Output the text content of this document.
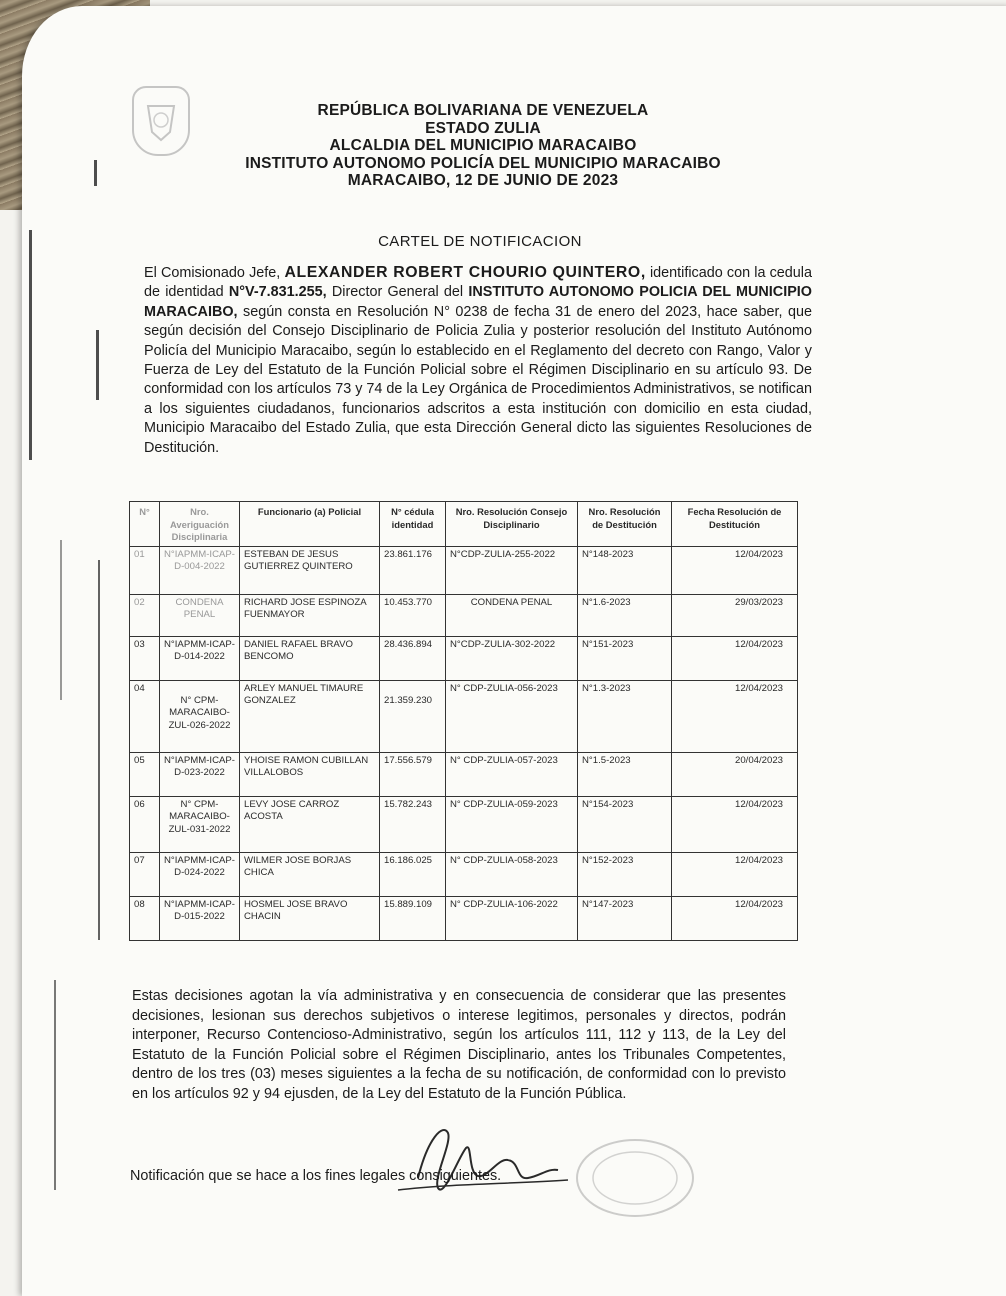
REPÚBLICA BOLIVARIANA DE VENEZUELA
ESTADO ZULIA
ALCALDIA DEL MUNICIPIO MARACAIBO
INSTITUTO AUTONOMO POLICÍA DEL MUNICIPIO MARACAIBO
MARACAIBO, 12 DE JUNIO DE 2023
CARTEL DE NOTIFICACION
El Comisionado Jefe, ALEXANDER ROBERT CHOURIO QUINTERO, identificado con la cedula de identidad N°V-7.831.255, Director General del INSTITUTO AUTONOMO POLICIA DEL MUNICIPIO MARACAIBO, según consta en Resolución N° 0238 de fecha 31 de enero del 2023, hace saber, que según decisión del Consejo Disciplinario de Policia Zulia y posterior resolución del Instituto Autónomo Policía del Municipio Maracaibo, según lo establecido en el Reglamento del decreto con Rango, Valor y Fuerza de Ley del Estatuto de la Función Policial sobre el Régimen Disciplinario en su artículo 93. De conformidad con los artículos 73 y 74 de la Ley Orgánica de Procedimientos Administrativos, se notifican a los siguientes ciudadanos, funcionarios adscritos a esta institución con domicilio en esta ciudad, Municipio Maracaibo del Estado Zulia, que esta Dirección General dicto las siguientes Resoluciones de Destitución.
N°	Nro. Averiguación Disciplinaria	Funcionario (a) Policial	N° cédula identidad	Nro. Resolución Consejo Disciplinario	Nro. Resolución de Destitución	Fecha Resolución de Destitución
01	N°IAPMM-ICAP-D-004-2022	ESTEBAN DE JESUS GUTIERREZ QUINTERO	23.861.176	N°CDP-ZULIA-255-2022	N°148-2023	12/04/2023
02	CONDENA PENAL	RICHARD JOSE ESPINOZA FUENMAYOR	10.453.770	CONDENA PENAL	N°1.6-2023	29/03/2023
03	N°IAPMM-ICAP-D-014-2022	DANIEL RAFAEL BRAVO BENCOMO	28.436.894	N°CDP-ZULIA-302-2022	N°151-2023	12/04/2023
04	N° CPM-MARACAIBO-ZUL-026-2022	ARLEY MANUEL TIMAURE GONZALEZ	21.359.230	N° CDP-ZULIA-056-2023	N°1.3-2023	12/04/2023
05	N°IAPMM-ICAP-D-023-2022	YHOISE RAMON CUBILLAN VILLALOBOS	17.556.579	N° CDP-ZULIA-057-2023	N°1.5-2023	20/04/2023
06	N° CPM-MARACAIBO-ZUL-031-2022	LEVY JOSE CARROZ ACOSTA	15.782.243	N° CDP-ZULIA-059-2023	N°154-2023	12/04/2023
07	N°IAPMM-ICAP-D-024-2022	WILMER JOSE BORJAS CHICA	16.186.025	N° CDP-ZULIA-058-2023	N°152-2023	12/04/2023
08	N°IAPMM-ICAP-D-015-2022	HOSMEL JOSE BRAVO CHACIN	15.889.109	N° CDP-ZULIA-106-2022	N°147-2023	12/04/2023
Estas decisiones agotan la vía administrativa y en consecuencia de considerar que las presentes decisiones, lesionan sus derechos subjetivos o interese legitimos, personales y directos, podrán interponer, Recurso Contencioso-Administrativo, según los artículos 111, 112 y 113, de la Ley del Estatuto de la Función Policial sobre el Régimen Disciplinario, antes los Tribunales Competentes, dentro de los tres (03) meses siguientes a la fecha de su notificación, de conformidad con lo previsto en los artículos 92 y 94 ejusden, de la Ley del Estatuto de la Función Pública.
Notificación que se hace a los fines legales consiguientes.
